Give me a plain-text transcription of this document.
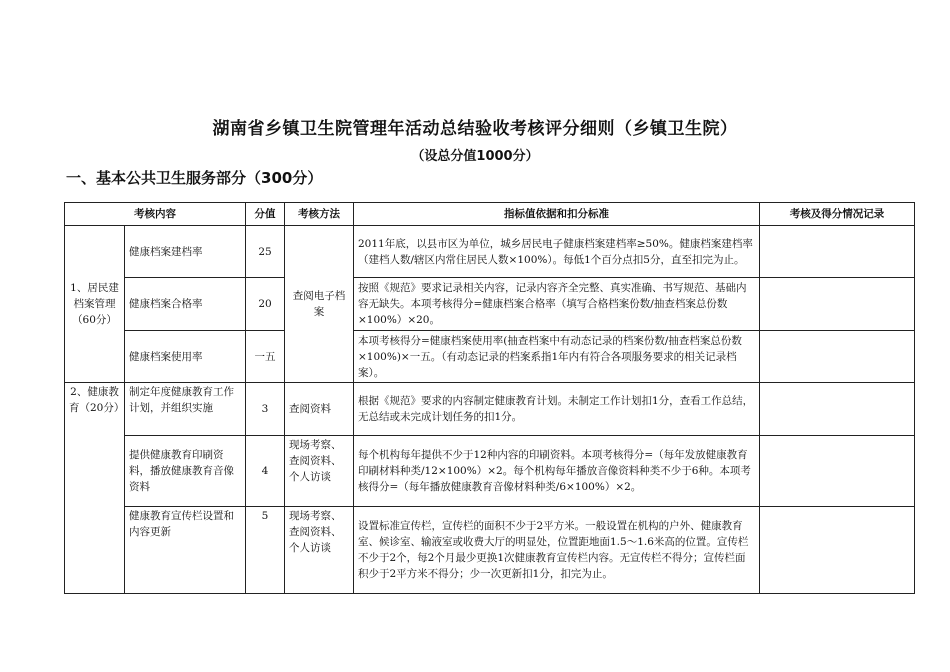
湖南省乡镇卫生院管理年活动总结验收考核评分细则（乡镇卫生院）
（设总分值1000分）
一、基本公共卫生服务部分（300分）
考核内容		分值	考核方法	指标值依据和扣分标准	考核及得分情况记录
1、居民建档案管理（60分）	健康档案建档率	25	查阅电子档案	2011年底，以县市区为单位，城乡居民电子健康档案建档率≥50%。健康档案建档率（建档人数/辖区内常住居民人数×100%）。每低1个百分点扣5分，直至扣完为止。	
	健康档案合格率	20		按照《规范》要求记录相关内容，记录内容齐全完整、真实准确、书写规范、基础内容无缺失。本项考核得分=健康档案合格率（填写合格档案份数/抽查档案总份数×100%）×20。	
	健康档案使用率	一五		本项考核得分=健康档案使用率(抽查档案中有动态记录的档案份数/抽查档案总份数×100%)×一五。（有动态记录的档案系指1年内有符合各项服务要求的相关记录档案）。	
2、健康教育（20分）	制定年度健康教育工作计划，并组织实施	3	查阅资料	根据《规范》要求的内容制定健康教育计划。未制定工作计划扣1分，查看工作总结，无总结或未完成计划任务的扣1分。	
	提供健康教育印刷资料，播放健康教育音像资料	4	现场考察、查阅资料、个人访谈	每个机构每年提供不少于12种内容的印刷资料。本项考核得分=（每年发放健康教育印刷材料种类/12×100%）×2。每个机构每年播放音像资料种类不少于6种。本项考核得分=（每年播放健康教育音像材料种类/6×100%）×2。	
	健康教育宣传栏设置和内容更新	5	现场考察、查阅资料、个人访谈	设置标准宣传栏，宣传栏的面积不少于2平方米。一般设置在机构的户外、健康教育室、候诊室、输液室或收费大厅的明显处，位置距地面1.5～1.6米高的位置。宣传栏不少于2个，每2个月最少更换1次健康教育宣传栏内容。无宣传栏不得分；宣传栏面积少于2平方米不得分；少一次更新扣1分，扣完为止。	
